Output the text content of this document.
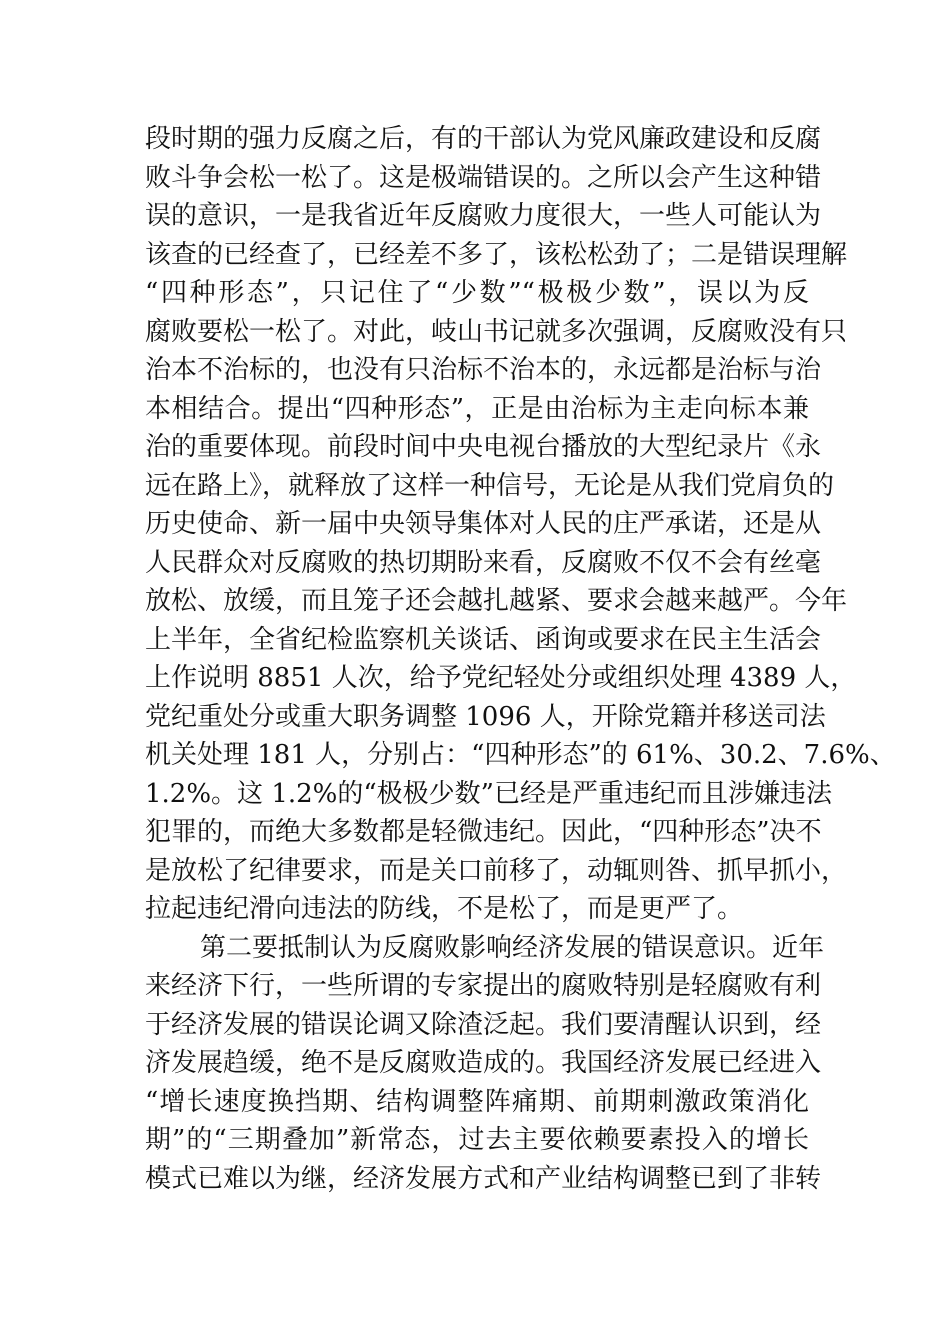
段时期的强力反腐之后，有的干部认为党风廉政建设和反腐
败斗争会松一松了。这是极端错误的。之所以会产生这种错
误的意识，一是我省近年反腐败力度很大，一些人可能认为
该查的已经查了，已经差不多了，该松松劲了；二是错误理解
“四种形态”，只记住了“少数”“极极少数”，误以为反
腐败要松一松了。对此，岐山书记就多次强调，反腐败没有只
治本不治标的，也没有只治标不治本的，永远都是治标与治
本相结合。提出“四种形态”，正是由治标为主走向标本兼
治的重要体现。前段时间中央电视台播放的大型纪录片《永
远在路上》，就释放了这样一种信号，无论是从我们党肩负的
历史使命、新一届中央领导集体对人民的庄严承诺，还是从
人民群众对反腐败的热切期盼来看，反腐败不仅不会有丝毫
放松、放缓，而且笼子还会越扎越紧、要求会越来越严。今年
上半年，全省纪检监察机关谈话、函询或要求在民主生活会
上作说明 8851 人次，给予党纪轻处分或组织处理 4389 人，
党纪重处分或重大职务调整 1096 人，开除党籍并移送司法
机关处理 181 人，分别占：“四种形态”的 61%、30.2、7.6%、
1.2%。这 1.2%的“极极少数”已经是严重违纪而且涉嫌违法
犯罪的，而绝大多数都是轻微违纪。因此，“四种形态”决不
是放松了纪律要求，而是关口前移了，动辄则咎、抓早抓小，
拉起违纪滑向违法的防线，不是松了，而是更严了。
第二要抵制认为反腐败影响经济发展的错误意识。近年
来经济下行，一些所谓的专家提出的腐败特别是轻腐败有利
于经济发展的错误论调又除渣泛起。我们要清醒认识到，经
济发展趋缓，绝不是反腐败造成的。我国经济发展已经进入
“增长速度换挡期、结构调整阵痛期、前期刺激政策消化
期”的“三期叠加”新常态，过去主要依赖要素投入的增长
模式已难以为继，经济发展方式和产业结构调整已到了非转
